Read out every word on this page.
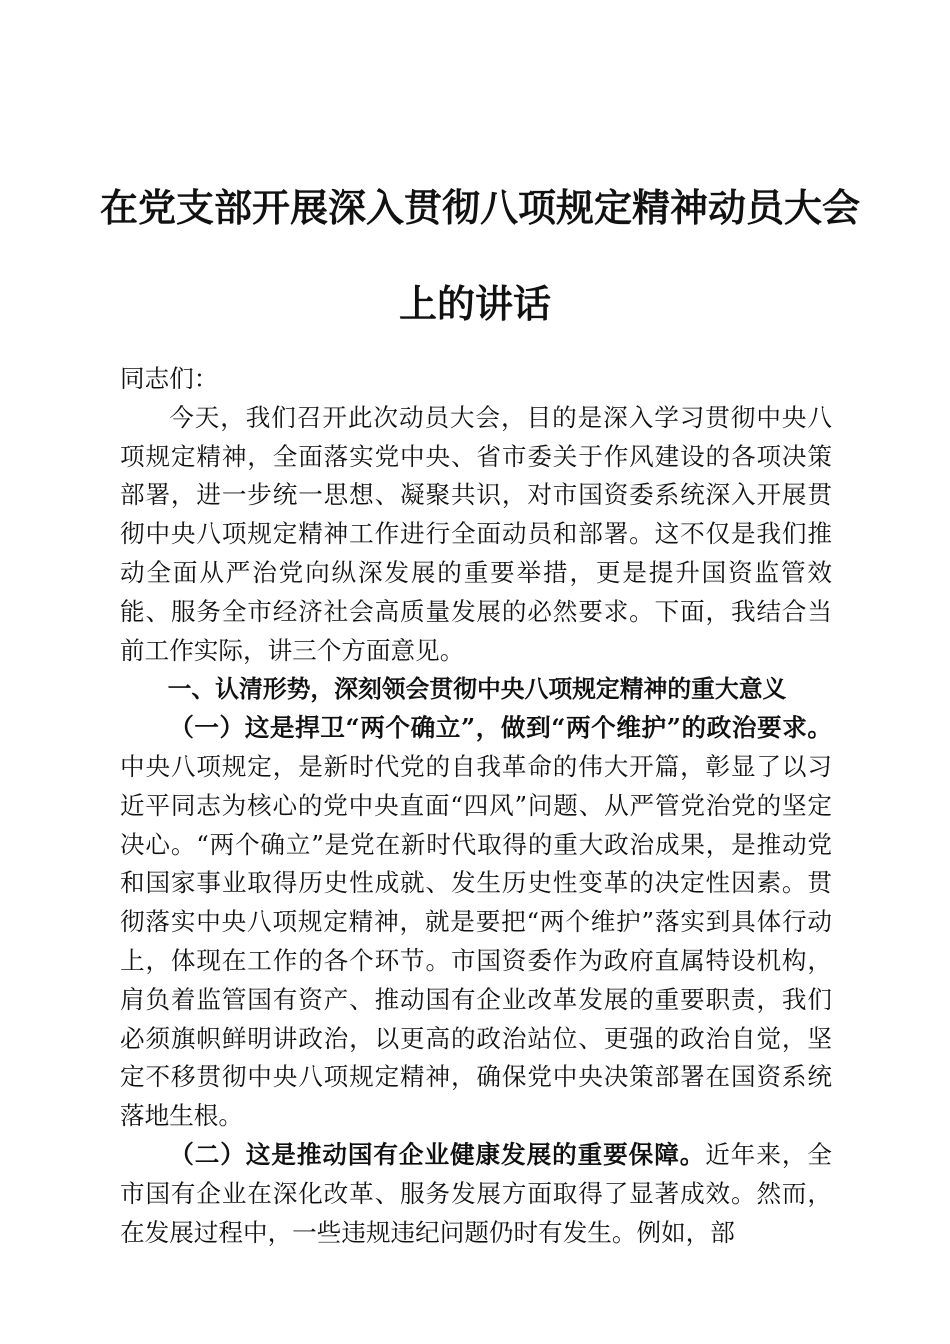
在党支部开展深入贯彻八项规定精神动员大会
上的讲话

同志们：

今天，我们召开此次动员大会，目的是深入学习贯彻中央八项规定精神，全面落实党中央、省市委关于作风建设的各项决策部署，进一步统一思想、凝聚共识，对市国资委系统深入开展贯彻中央八项规定精神工作进行全面动员和部署。这不仅是我们推动全面从严治党向纵深发展的重要举措，更是提升国资监管效能、服务全市经济社会高质量发展的必然要求。下面，我结合当前工作实际，讲三个方面意见。

一、认清形势，深刻领会贯彻中央八项规定精神的重大意义

（一）这是捍卫“两个确立”，做到“两个维护”的政治要求。中央八项规定，是新时代党的自我革命的伟大开篇，彰显了以习近平同志为核心的党中央直面“四风”问题、从严管党治党的坚定决心。“两个确立”是党在新时代取得的重大政治成果，是推动党和国家事业取得历史性成就、发生历史性变革的决定性因素。贯彻落实中央八项规定精神，就是要把“两个维护”落实到具体行动上，体现在工作的各个环节。市国资委作为政府直属特设机构，肩负着监管国有资产、推动国有企业改革发展的重要职责，我们必须旗帜鲜明讲政治，以更高的政治站位、更强的政治自觉，坚定不移贯彻中央八项规定精神，确保党中央决策部署在国资系统落地生根。

（二）这是推动国有企业健康发展的重要保障。近年来，全市国有企业在深化改革、服务发展方面取得了显著成效。然而，在发展过程中，一些违规违纪问题仍时有发生。例如，部
